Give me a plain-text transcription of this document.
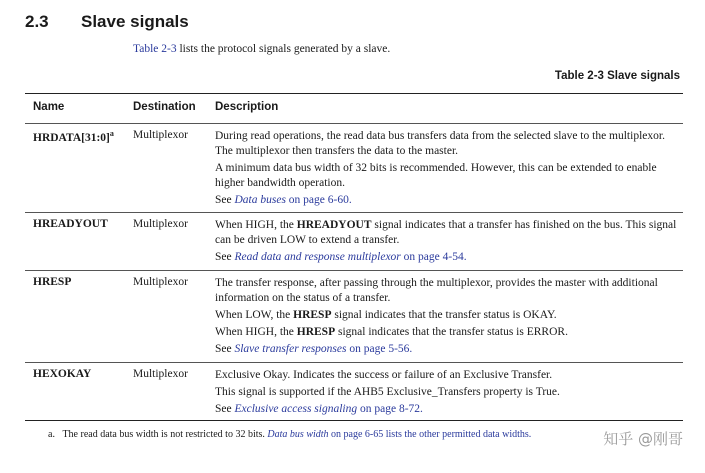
2.3 Slave signals
Table 2-3 lists the protocol signals generated by a slave.
Table 2-3 Slave signals
Name	Destination Description
HRDATA[31:0]$^a$ Multiplexor During read operations, the read data bus transfers data from the selected slave to the multiplexor. The multiplexor then transfers the data to the master.

A minimum data bus width of 32 bits is recommended. However, this can be extended to enable higher bandwidth operation.

See Data buses on page 6-60.

HREADYOUT Multiplexor When HIGH, the HREADYOUT signal indicates that a transfer has finished on the bus. This signal can be driven LOW to extend a transfer.

See Read data and response multiplexor on page 4-54.

HRESP	Multiplexor The transfer response, after passing through the multiplexor, provides the master with additional information on the status of a transfer.

When LOW, the HRESP signal indicates that the transfer status is OKAY.

When HIGH, the HRESP signal indicates that the transfer status is ERROR.

See Slave transfer responses on page 5-56.

HEXOKAY	Multiplexor Exclusive Okay. Indicates the success or failure of an Exclusive Transfer.

This signal is supported if the AHB5 Exclusive_Transfers property is True.

See Exclusive access signaling on page 8-72.

a. The read data bus width is not restricted to 32 bits. Data bus width on page 6-65 lists the other permitted data widths.	知乎 @刚哥
